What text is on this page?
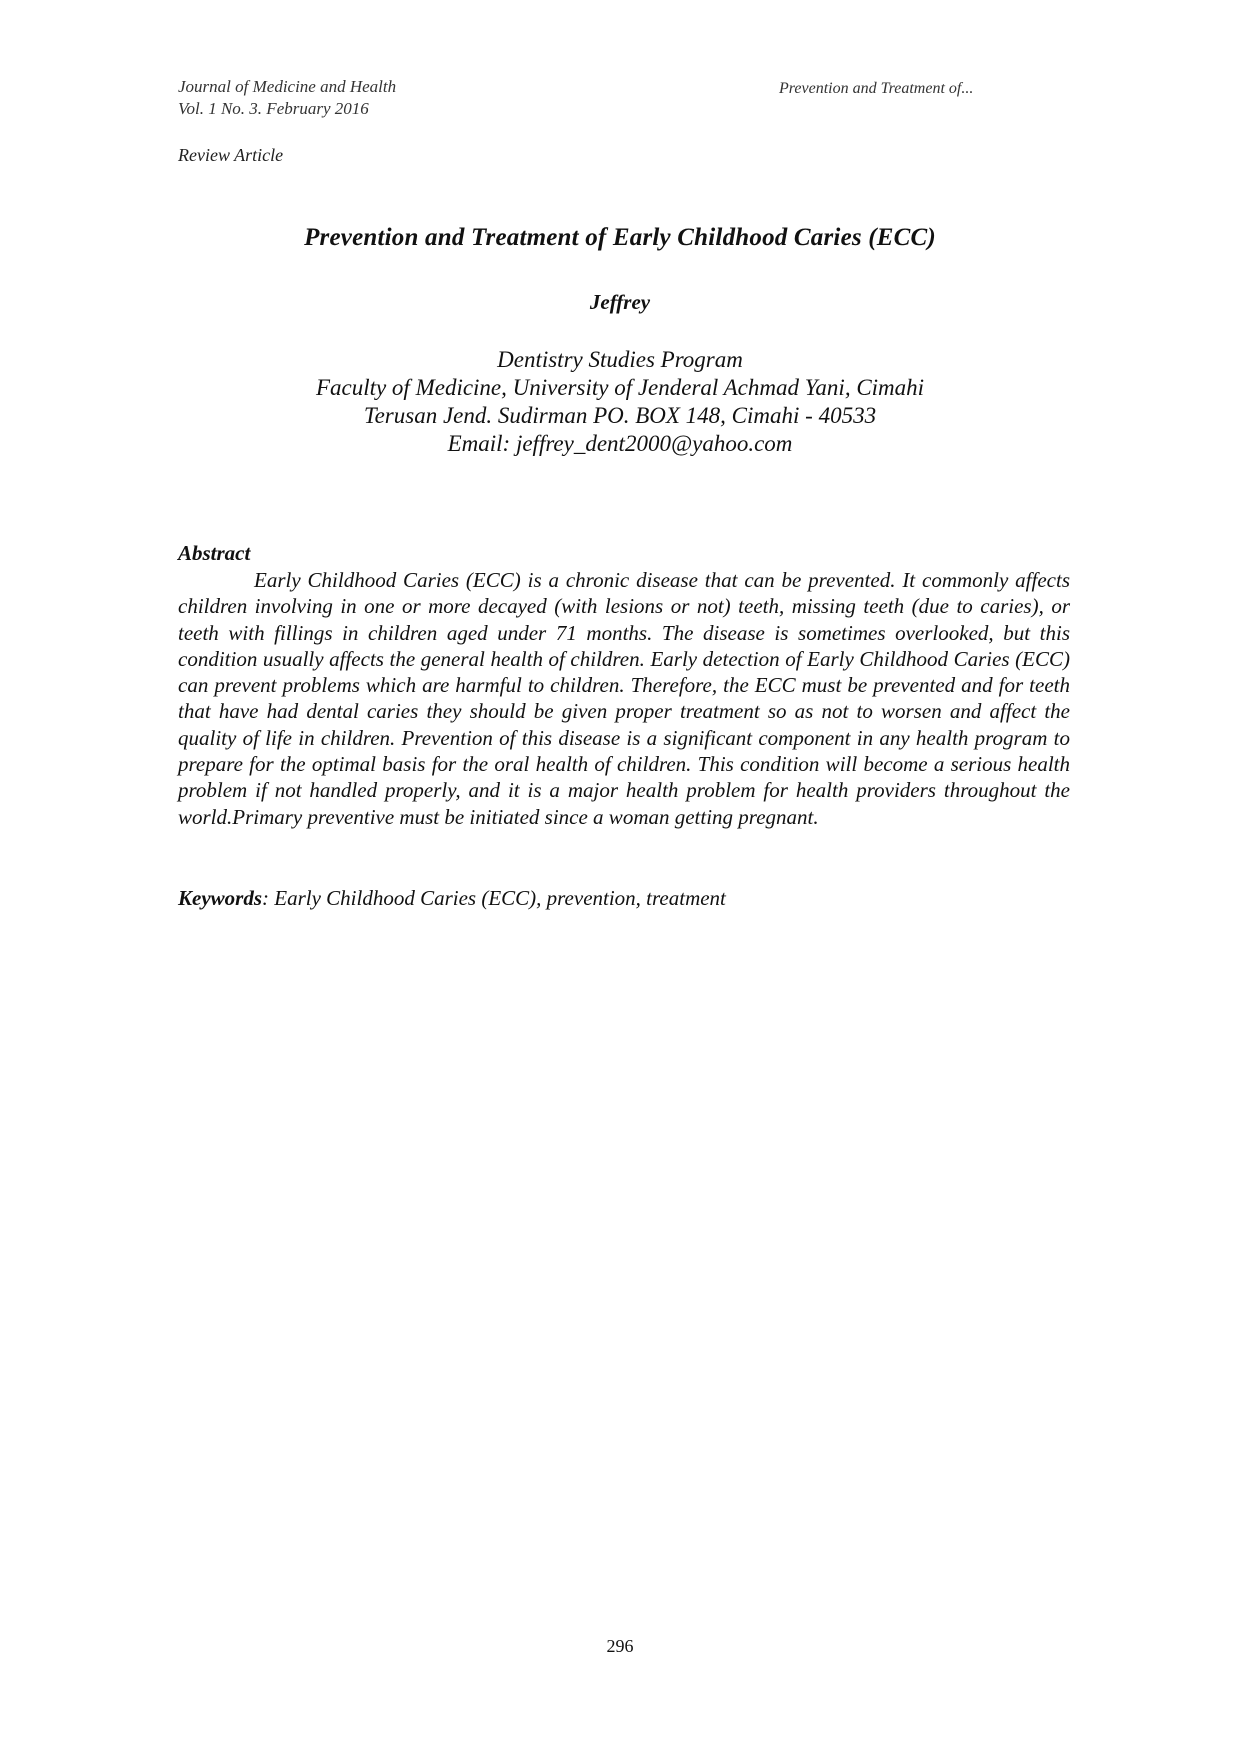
Journal of Medicine and Health
Vol. 1 No. 3. February 2016
Prevention and Treatment of...
Review Article
Prevention and Treatment of Early Childhood Caries (ECC)
Jeffrey
Dentistry Studies Program
Faculty of Medicine, University of Jenderal Achmad Yani, Cimahi
Terusan Jend. Sudirman PO. BOX 148, Cimahi - 40533
Email: jeffrey_dent2000@yahoo.com
Abstract
Early Childhood Caries (ECC) is a chronic disease that can be prevented. It commonly affects children involving in one or more decayed (with lesions or not) teeth, missing teeth (due to caries), or teeth with fillings in children aged under 71 months. The disease is sometimes overlooked, but this condition usually affects the general health of children. Early detection of Early Childhood Caries (ECC) can prevent problems which are harmful to children. Therefore, the ECC must be prevented and for teeth that have had dental caries they should be given proper treatment so as not to worsen and affect the quality of life in children. Prevention of this disease is a significant component in any health program to prepare for the optimal basis for the oral health of children. This condition will become a serious health problem if not handled properly, and it is a major health problem for health providers throughout the world.Primary preventive must be initiated since a woman getting pregnant.
Keywords: Early Childhood Caries (ECC), prevention, treatment
296
